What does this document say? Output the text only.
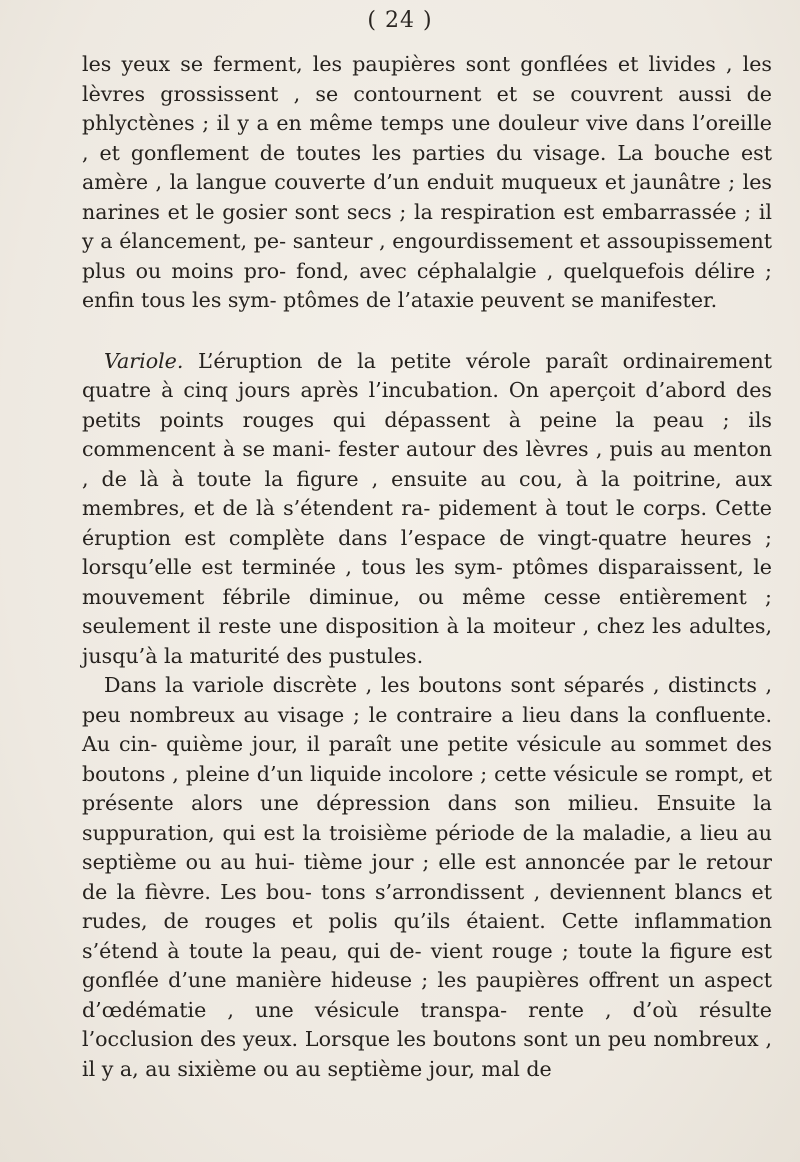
( 24 )

les yeux se ferment, les paupières sont gonflées et livides , les lèvres grossissent , se contournent et se couvrent aussi de phlyctènes ; il y a en même temps une douleur vive dans l’oreille , et gonflement de toutes les parties du visage. La bouche est amère , la langue couverte d’un enduit muqueux et jaunâtre ; les narines et le gosier sont secs ; la respiration est embarrassée ; il y a élancement, pe- santeur , engourdissement et assoupissement plus ou moins pro- fond, avec céphalalgie , quelquefois délire ; enfin tous les sym- ptômes de l’ataxie peuvent se manifester.

Variole. L’éruption de la petite vérole paraît ordinairement quatre à cinq jours après l’incubation. On aperçoit d’abord des petits points rouges qui dépassent à peine la peau ; ils commencent à se mani- fester autour des lèvres , puis au menton , de là à toute la figure , ensuite au cou, à la poitrine, aux membres, et de là s’étendent ra- pidement à tout le corps. Cette éruption est complète dans l’espace de vingt-quatre heures ; lorsqu’elle est terminée , tous les sym- ptômes disparaissent, le mouvement fébrile diminue, ou même cesse entièrement ; seulement il reste une disposition à la moiteur , chez les adultes, jusqu’à la maturité des pustules.

Dans la variole discrète , les boutons sont séparés , distincts , peu nombreux au visage ; le contraire a lieu dans la confluente. Au cin- quième jour, il paraît une petite vésicule au sommet des boutons , pleine d’un liquide incolore ; cette vésicule se rompt, et présente alors une dépression dans son milieu. Ensuite la suppuration, qui est la troisième période de la maladie, a lieu au septième ou au hui- tième jour ; elle est annoncée par le retour de la fièvre. Les bou- tons s’arrondissent , deviennent blancs et rudes, de rouges et polis qu’ils étaient. Cette inflammation s’étend à toute la peau, qui de- vient rouge ; toute la figure est gonflée d’une manière hideuse ; les paupières offrent un aspect d’œdématie , une vésicule transpa- rente , d’où résulte l’occlusion des yeux. Lorsque les boutons sont un peu nombreux , il y a, au sixième ou au septième jour, mal de
